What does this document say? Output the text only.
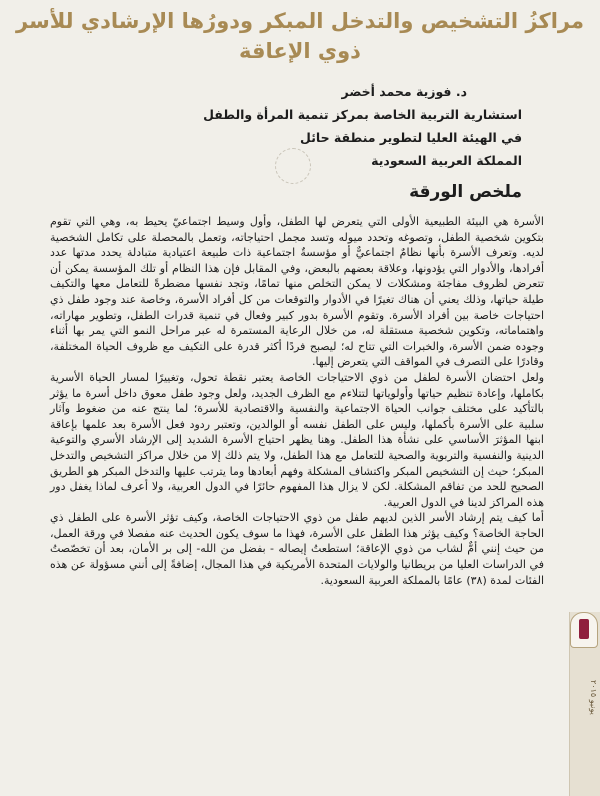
مراكزُ التشخيص والتدخل المبكر ودورُها الإرشادي للأسر
ذوي الإعاقة
د. فوزية محمد أخضر
استشارية التربية الخاصة بمركز تنمية المرأة والطفل
في الهيئة العليا لتطوير منطقة حائل
المملكة العربية السعودية
ملخص الورقة

الأسرة هي البيئة الطبيعية الأولى التي يتعرض لها الطفل، وأول وسيط اجتماعيّ يحيط به، وهي التي تقوم بتكوين شخصية الطفل، وتصوغه وتحدد ميوله وتسد مجمل احتياجاته، وتعمل بالمحصلة على تكامل الشخصية لديه. وتعرف الأسرة بأنها نظامٌ اجتماعيٌّ أو مؤسسةٌ اجتماعية ذات طبيعة اعتيادية متبادلة يحدد مدتها عدد أفرادها، والأدوار التي يؤدونها، وعلاقة بعضهم بالبعض، وفي المقابل فإن هذا النظام أو تلك المؤسسة يمكن أن تتعرض لظروف مفاجئة ومشكلات لا يمكن التخلص منها تمامًا، وتجد نفسها مضطرةً للتعامل معها والتكيف طيلة حياتها، وذلك يعني أن هناك تغيرًا في الأدوار والتوقعات من كل أفراد الأسرة، وخاصة عند وجود طفل ذي احتياجات خاصة بين أفراد الأسرة. وتقوم الأسرة بدور كبير وفعال في تنمية قدرات الطفل، وتطوير مهاراته، واهتماماته، وتكوين شخصية مستقلة له، من خلال الرعاية المستمرة له عبر مراحل النمو التي يمر بها أثناء وجوده ضمن الأسرة، والخبرات التي تتاح له؛ ليصبح فردًا أكثر قدرة على التكيف مع ظروف الحياة المختلفة، وقادرًا على التصرف في المواقف التي يتعرض إليها.

ولعل احتضان الأسرة لطفل من ذوي الاحتياجات الخاصة يعتبر نقطة تحول، وتغييرًا لمسار الحياة الأسرية بكاملها، وإعادة تنظيم حياتها وأولوياتها لتتلاءم مع الظرف الجديد، ولعل وجود طفل معوق داخل أسرة ما يؤثر بالتأكيد على مختلف جوانب الحياة الاجتماعية والنفسية والاقتصادية للأسرة؛ لما ينتج عنه من ضغوط وآثار سلبية على الأسرة بأكملها، وليس على الطفل نفسه أو الوالدين، وتعتبر ردود فعل الأسرة بعد علمها بإعاقة ابنها المؤثرَ الأساسي على نشأة هذا الطفل. وهنا يظهر احتياج الأسرة الشديد إلى الإرشاد الأسري والتوعية الدينية والنفسية والتربوية والصحية للتعامل مع هذا الطفل، ولا يتم ذلك إلا من خلال مراكز التشخيص والتدخل المبكر؛ حيث إن التشخيص المبكر واكتشاف المشكلة وفهم أبعادها وما يترتب عليها والتدخل المبكر هو الطريق الصحيح للحد من تفاقم المشكلة. لكن لا يزال هذا المفهوم حائرًا في الدول العربية، ولا أعرف لماذا يغفل دور هذه المراكز لدينا في الدول العربية.

أما كيف يتم إرشاد الأسر الذين لديهم طفل من ذوي الاحتياجات الخاصة، وكيف تؤثر الأسرة على الطفل ذي الحاجة الخاصة؟ وكيف يؤثر هذا الطفل على الأسرة، فهذا ما سوف يكون الحديث عنه مفصلا في ورقة العمل، من حيث إنني أمٌّ لشاب من ذوي الإعاقة؛ استطعتُ إيصاله - بفضل من الله- إلى بر الأمان، بعد أن تخصّصتُ في الدراسات العليا من بريطانيا والولايات المتحدة الأمريكية في هذا المجال، إضافةً إلى أنني مسؤولة عن هذه الفئات لمدة (٣٨) عامًا بالمملكة العربية السعودية.

يونيو ٢٠١٥
